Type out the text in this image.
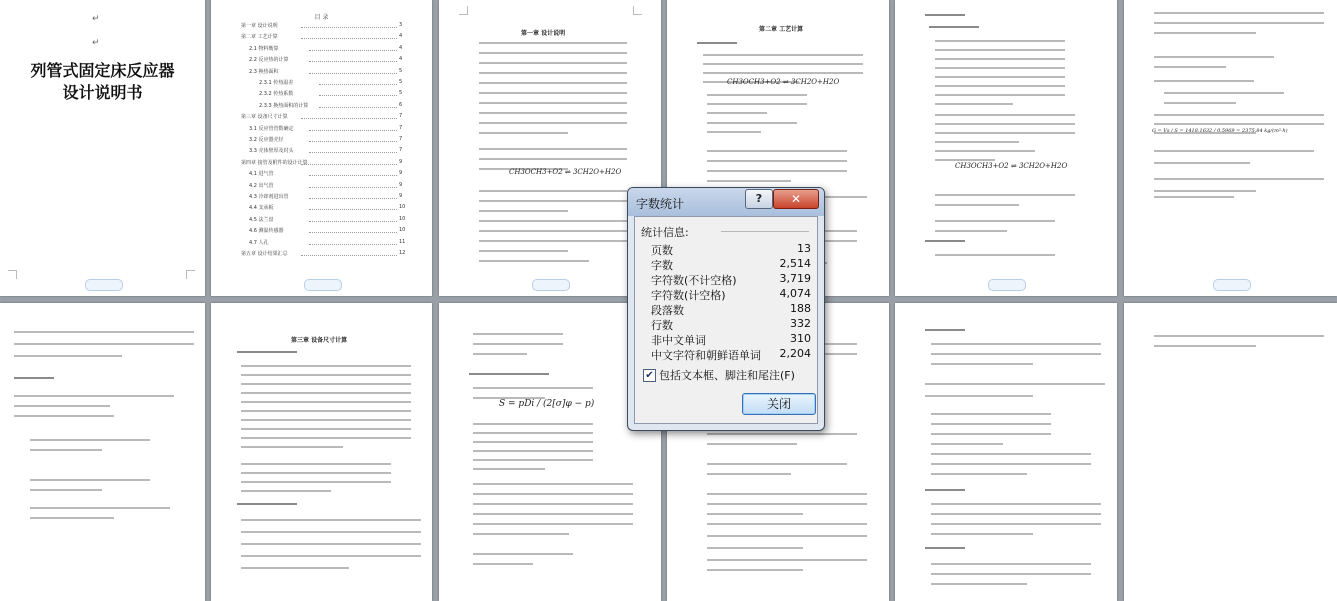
↵
↵
列管式固定床反应器
设计说明书
目 录
第一章 设计说明	3
第二章 工艺计算	4
2.1 物料衡算	4
2.2 反应热的计算	4
2.3 换热面积	5
2.3.1 传热温差	5
2.3.2 传热系数	5
2.3.3 换热面积的计算	6
第三章 设备尺寸计算	7
3.1 反应管管数确定	7
3.2 反应器壳径	7
3.3 壳体壁厚及封头	7
第四章 接管及附件的设计计算	9
4.1 进气管	9
4.2 出气管	9
4.3 冷却剂进出管	9
4.4 支承板	10
4.5 法兰盘	10
4.6 测温传感器	10
4.7 人孔	11
第五章 设计结果汇总	12
第一章 设计说明
CH3OCH3+O2 ⇌ 3CH2O+H2O
第二章 工艺计算
CH3OCH3+O2 ⇌ 3CH2O+H2O
CH3OCH3+O2 ⇌ 3CH2O+H2O
G = Vs / S = 1418.1632 / 0.5969 = 2375.84 kg/(m²·h)
第三章 设备尺寸计算
S = pDi / (2[σ]φ − p)
字数统计	?	✕
统计信息:
页数	13
字数	2,514
字符数(不计空格)	3,719
字符数(计空格)	4,074
段落数	188
行数	332
非中文单词	310
中文字符和朝鲜语单词 2,204
✔ 包括文本框、脚注和尾注(F)
关闭
